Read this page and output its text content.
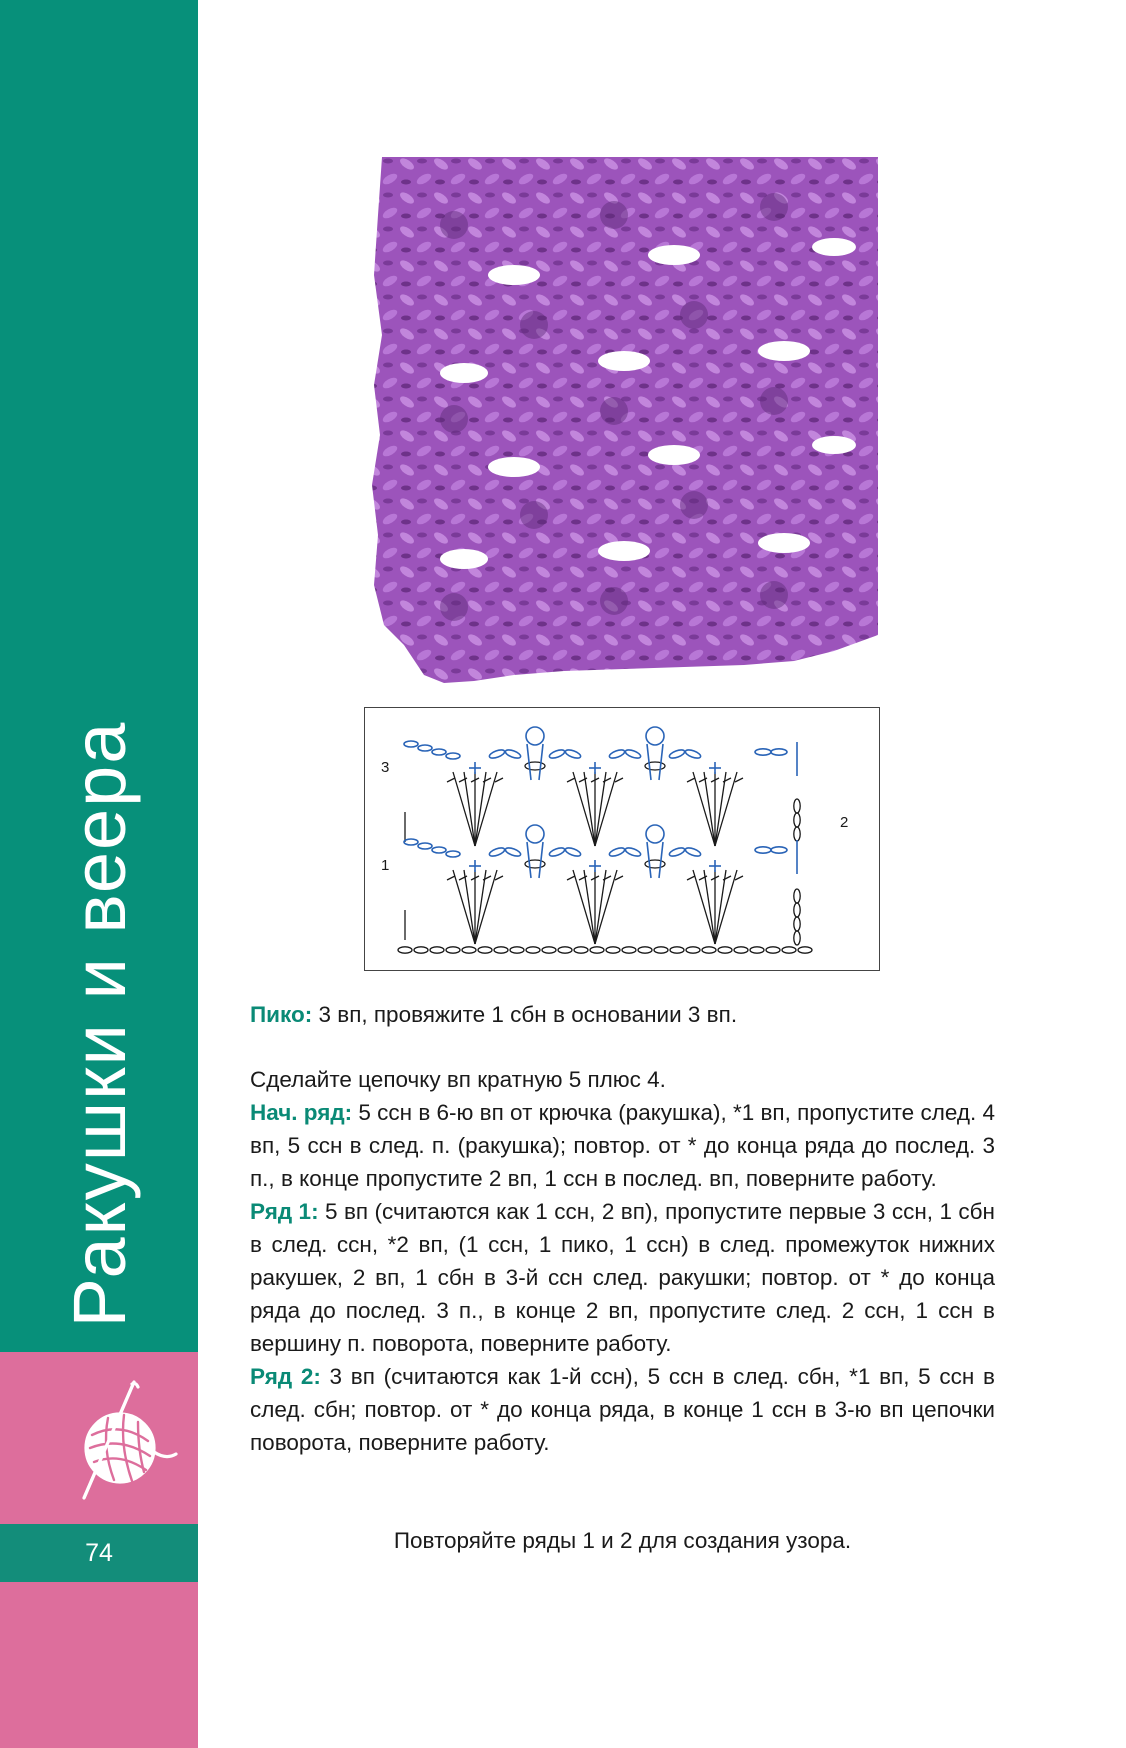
Ракушки и веера
74
3
2
1

Пико: 3 вп, провяжите 1 сбн в основании 3 вп.

Сделайте цепочку вп кратную 5 плюс 4.

Нач. ряд: 5 ссн в 6-ю вп от крючка (ракушка), *1 вп, пропустите след. 4 вп, 5 ссн в след. п. (ракушка); повтор. от * до конца ряда до послед. 3 п., в конце пропустите 2 вп, 1 ссн в послед. вп, поверните работу.

Ряд 1: 5 вп (считаются как 1 ссн, 2 вп), пропустите первые 3 ссн, 1 сбн в след. ссн, *2 вп, (1 ссн, 1 пико, 1 ссн) в след. промежуток нижних ракушек, 2 вп, 1 сбн в 3-й ссн след. ракушки; повтор. от * до конца ряда до послед. 3 п., в конце 2 вп, пропустите след. 2 ссн, 1 ссн в вершину п. поворота, поверните работу.

Ряд 2: 3 вп (считаются как 1-й ссн), 5 ссн в след. сбн, *1 вп, 5 ссн в след. сбн; повтор. от * до конца ряда, в конце 1 ссн в 3-ю вп цепочки поворота, поверните работу.

Повторяйте ряды 1 и 2 для создания узора.
